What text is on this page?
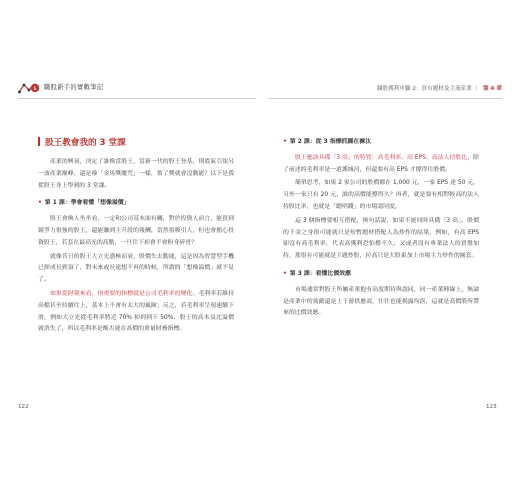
$ 職股新手的實戰筆記	職股獲利步驟 2：買有題材及主流產業 ｜ 第 4 章
股王教會我的 3 堂課

產業的興衰，決定了誰換當股王，當新一代的股王登基，則底氣引領另一波產業巔峰，還是像「金馬獎魔咒」一樣，領了獎就會沒動能？以下是我從股王身上學到的 3 堂課。

• 第 1 課：學會看懂「想像溢價」

股王會換人坐坐看，一定和公司基本面有關，對於投資人而言，能買到競爭力很強的股王，還能賺到主升段的報酬，當然很吸引人，但也會擔心投資股王，若套在最高光的高點，一旦往下掉會不會粉身碎骨？

就像昔日的股王大立光盛極而衰，股價失去動能，這是因為智慧型手機已經成長到頂了，對未來或長遠想不再的時候，所謂的「想像溢價」就不見了。

如果從財報來看，很重要的指標就是公司毛利率的變化。毛利率若維持高檔甚至持續往上，基本上不會有太大的風險；反之，若毛利率呈現連續下滑，例如大立光從毛利率將近 70% 掉到到下 50%，股王的高本益比溢價就消失了，所以毛利率是衡否能在高價的重量財務指標。

• 第 2 課：從 3 指標抓鐘在褲汰

股王應該具備「3 高」的特質：高毛利率、高 EPS、高法人持股比，除了前述的毛利率是一道護城河，但還要有高 EPS 才撐得住股價。

簡單思考，如果 2 家公司的股價都在 1,000 元，一家 EPS 達 50 元，另外一家只有 20 元，誰的高價能撐得久？再者，就是要有相對較高的法人持股比率，也就是「聰明錢」的市場認同度。

這 3 個指標要相互搭配，換句話說，如果不能同時具備「3 高」，股價的千金之身很可能就只是短暫題材搭配人為炒作的結果，例如，有高 EPS 卻沒有高毛利率，代表高獲利恐怕撐不久；又或者沒有專業法人的買盤加持，那很有可能就是主題炒股，拉高只是大股東加上市場主力炒作的圖套。

• 第 3 課：看懂比價效應

市場通常對股王所屬產業抱有高度期待與認同，同一產業陣線上，無論是產業中的勁敵還是上下游供應商，往往也能揭露均霑，這就是高價股所帶來的比價效應。

122	123
